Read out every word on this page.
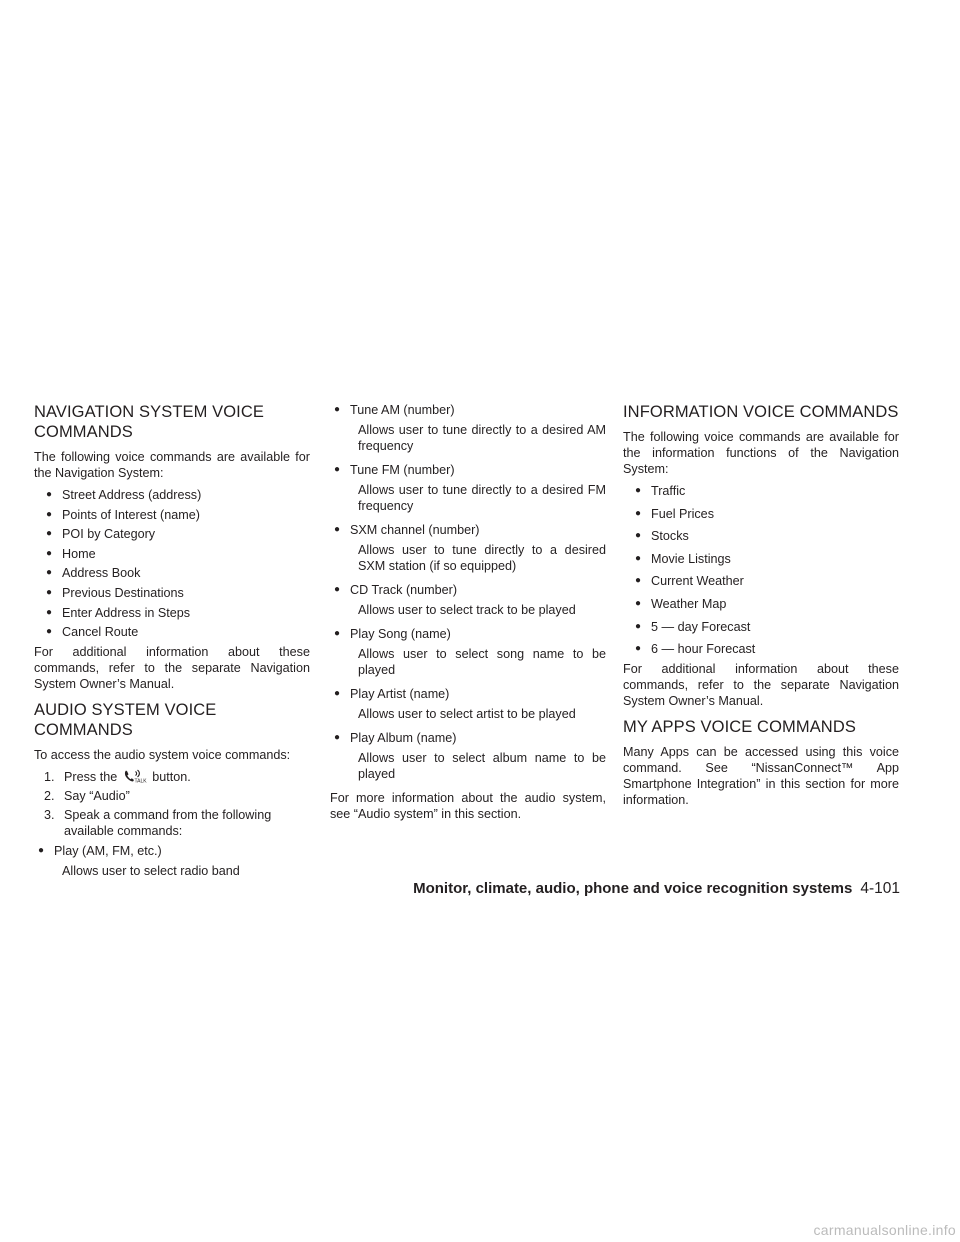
NAVIGATION SYSTEM VOICE
COMMANDS

The following voice commands are available for the Navigation System:

● Street Address (address)
● Points of Interest (name)
● POI by Category
● Home
● Address Book
● Previous Destinations
● Enter Address in Steps
● Cancel Route

For additional information about these commands, refer to the separate Navigation System Owner’s Manual.

AUDIO SYSTEM VOICE
COMMANDS

To access the audio system voice commands:

1. Press the	TALK button.
2. Say “Audio”
3. Speak a command from the following available commands:
● Play (AM, FM, etc.)
Allows user to select radio band
● Tune AM (number)
Allows user to tune directly to a desired AM frequency
● Tune FM (number)
Allows user to tune directly to a desired FM frequency
● SXM channel (number)
Allows user to tune directly to a desired SXM station (if so equipped)
● CD Track (number)
Allows user to select track to be played
● Play Song (name)
Allows user to select song name to be played
● Play Artist (name)
Allows user to select artist to be played
● Play Album (name)
Allows user to select album name to be played

For more information about the audio system, see “Audio system” in this section.

INFORMATION VOICE COMMANDS

The following voice commands are available for the information functions of the Navigation System:

● Traffic
● Fuel Prices
● Stocks
● Movie Listings
● Current Weather
● Weather Map
● 5 — day Forecast
● 6 — hour Forecast

For additional information about these commands, refer to the separate Navigation System Owner’s Manual.

MY APPS VOICE COMMANDS

Many Apps can be accessed using this voice command. See “NissanConnect™ App Smartphone Integration” in this section for more information.

Monitor, climate, audio, phone and voice recognition systems 4-101
carmanualsonline.info
